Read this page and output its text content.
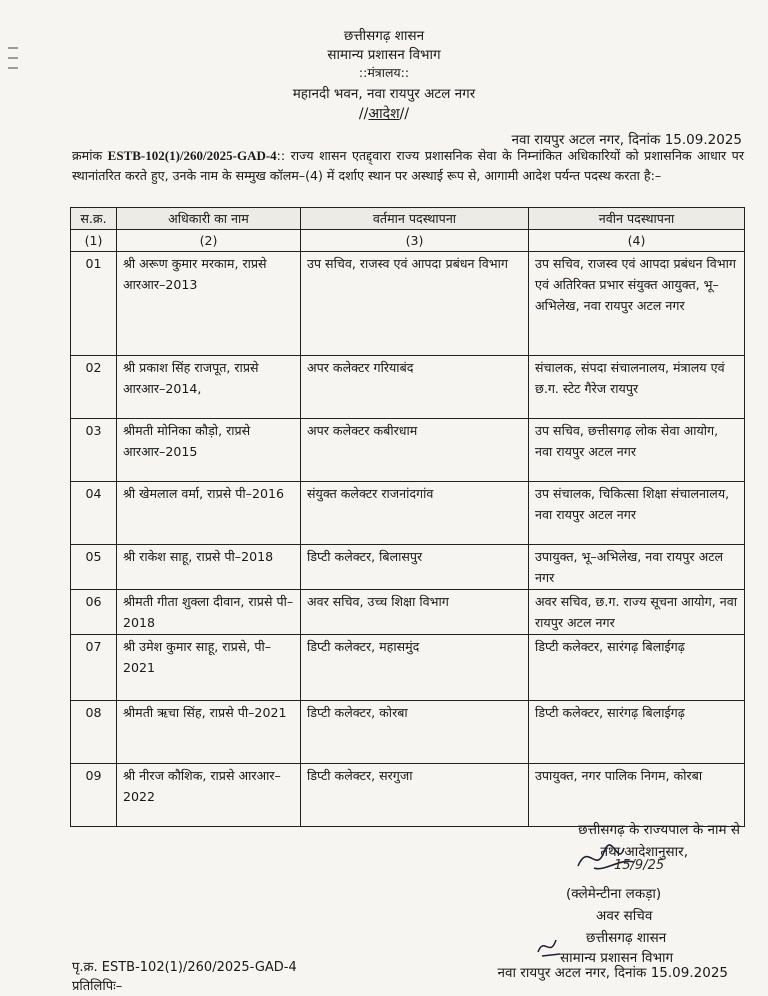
छत्तीसगढ़ शासन
सामान्य प्रशासन विभाग
::मंत्रालय::
महानदी भवन, नवा रायपुर अटल नगर
//आदेश//
नवा रायपुर अटल नगर, दिनांक 15.09.2025
क्रमांक ESTB-102(1)/260/2025-GAD-4:: राज्य शासन एतद्द्वारा राज्य प्रशासनिक सेवा के निम्नांकित अधिकारियों को प्रशासनिक आधार पर स्थानांतरित करते हुए, उनके नाम के सम्मुख कॉलम–(4) में दर्शाए स्थान पर अस्थाई रूप से, आगामी आदेश पर्यन्त पदस्थ करता है:–
स.क्र.	अधिकारी का नाम	वर्तमान पदस्थापना	नवीन पदस्थापना
(1)	(2)	(3)	(4)
01	श्री अरूण कुमार मरकाम, राप्रसे आरआर–2013	उप सचिव, राजस्व एवं आपदा प्रबंधन विभाग	उप सचिव, राजस्व एवं आपदा प्रबंधन विभाग एवं अतिरिक्त प्रभार संयुक्त आयुक्त, भू–अभिलेख, नवा रायपुर अटल नगर
02	श्री प्रकाश सिंह राजपूत, राप्रसे आरआर–2014,	अपर कलेक्टर गरियाबंद	संचालक, संपदा संचालनालय, मंत्रालय एवं छ.ग. स्टेट गैरेज रायपुर
03	श्रीमती मोनिका कौड़ो, राप्रसे आरआर–2015	अपर कलेक्टर कबीरधाम	उप सचिव, छत्तीसगढ़ लोक सेवा आयोग, नवा रायपुर अटल नगर
04	श्री खेमलाल वर्मा, राप्रसे पी–2016	संयुक्त कलेक्टर राजनांदगांव	उप संचालक, चिकित्सा शिक्षा संचालनालय, नवा रायपुर अटल नगर
05	श्री राकेश साहू, राप्रसे पी–2018	डिप्टी कलेक्टर, बिलासपुर	उपायुक्त, भू–अभिलेख, नवा रायपुर अटल नगर
06	श्रीमती गीता शुक्ला दीवान, राप्रसे पी–2018	अवर सचिव, उच्च शिक्षा विभाग	अवर सचिव, छ.ग. राज्य सूचना आयोग, नवा रायपुर अटल नगर
07	श्री उमेश कुमार साहू, राप्रसे, पी–2021	डिप्टी कलेक्टर, महासमुंद	डिप्टी कलेक्टर, सारंगढ़ बिलाईगढ़
08	श्रीमती ऋचा सिंह, राप्रसे पी–2021	डिप्टी कलेक्टर, कोरबा	डिप्टी कलेक्टर, सारंगढ़ बिलाईगढ़
09	श्री नीरज कौशिक, राप्रसे आरआर–2022	डिप्टी कलेक्टर, सरगुजा	उपायुक्त, नगर पालिक निगम, कोरबा
छत्तीसगढ़ के राज्यपाल के नाम से
तथा आदेशानुसार,
15/9/25
(क्लेमेन्टीना लकड़ा)
अवर सचिव
छत्तीसगढ़ शासन
सामान्य प्रशासन विभाग
पृ.क्र. ESTB-102(1)/260/2025-GAD-4
प्रतिलिपिः–
नवा रायपुर अटल नगर, दिनांक 15.09.2025
